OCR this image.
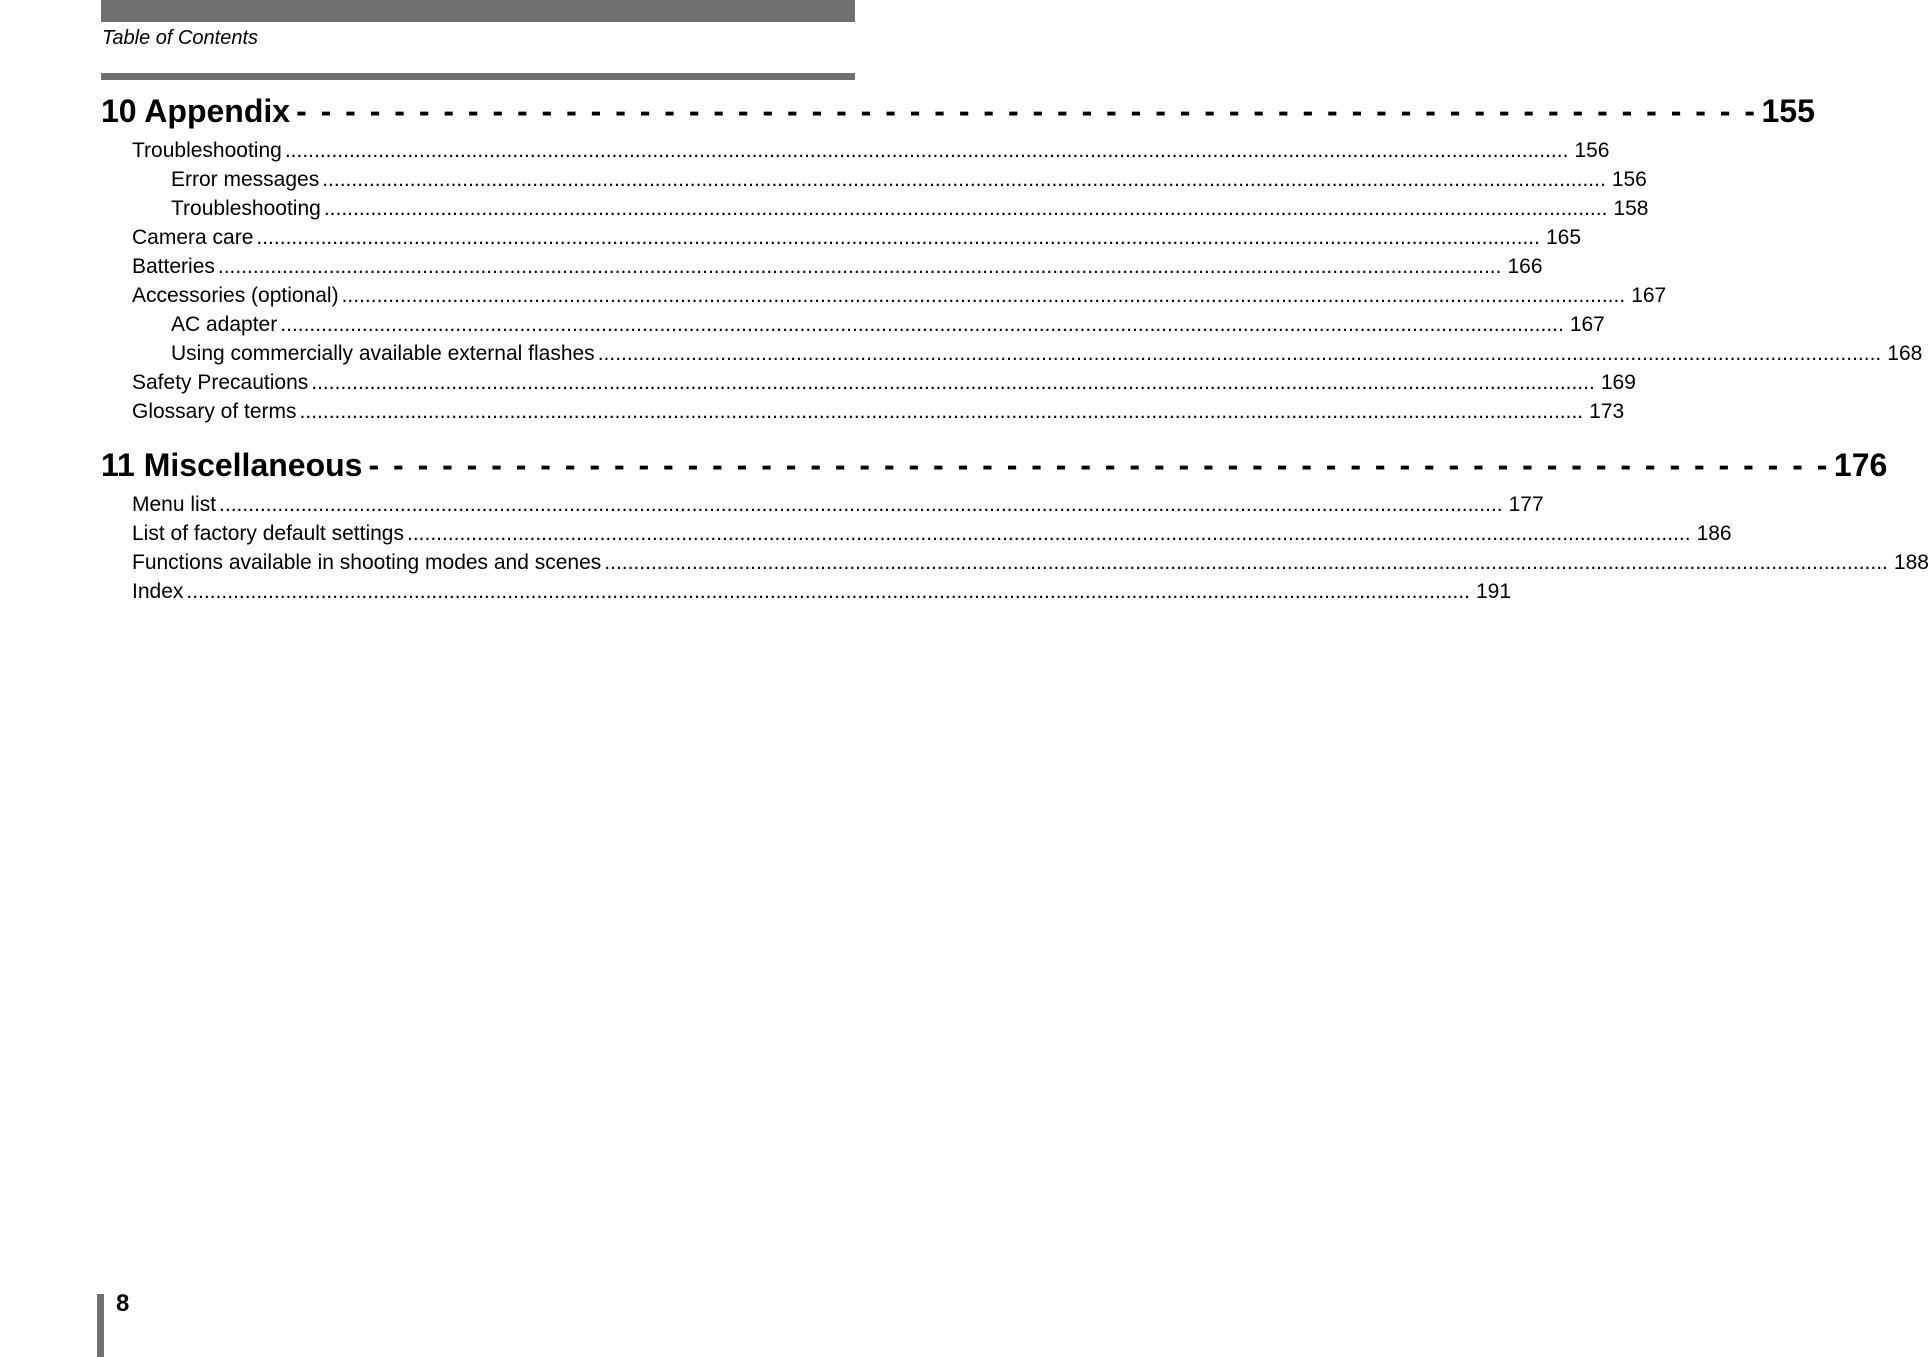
Table of Contents
10 Appendix - - - - - - - - - - - - - - - - - - - - - - - - - - - - - - - - - - - - - - - - - - - - - - - - - - - - - - - - - - - - 155
Troubleshooting ............................................................................................................................................................................................................................ 156
Error messages ............................................................................................................................................................................................................................ 156
Troubleshooting ............................................................................................................................................................................................................................ 158
Camera care ............................................................................................................................................................................................................................ 165
Batteries ............................................................................................................................................................................................................................ 166
Accessories (optional) ............................................................................................................................................................................................................................ 167
AC adapter ............................................................................................................................................................................................................................ 167
Using commercially available external flashes ............................................................................................................................................................................................................................ 168
Safety Precautions ............................................................................................................................................................................................................................ 169
Glossary of terms ............................................................................................................................................................................................................................ 173
11 Miscellaneous - - - - - - - - - - - - - - - - - - - - - - - - - - - - - - - - - - - - - - - - - - - - - - - - - - - - - - - - - - - - 176
Menu list ............................................................................................................................................................................................................................ 177
List of factory default settings ............................................................................................................................................................................................................................ 186
Functions available in shooting modes and scenes ............................................................................................................................................................................................................................ 188
Index ............................................................................................................................................................................................................................ 191
8
